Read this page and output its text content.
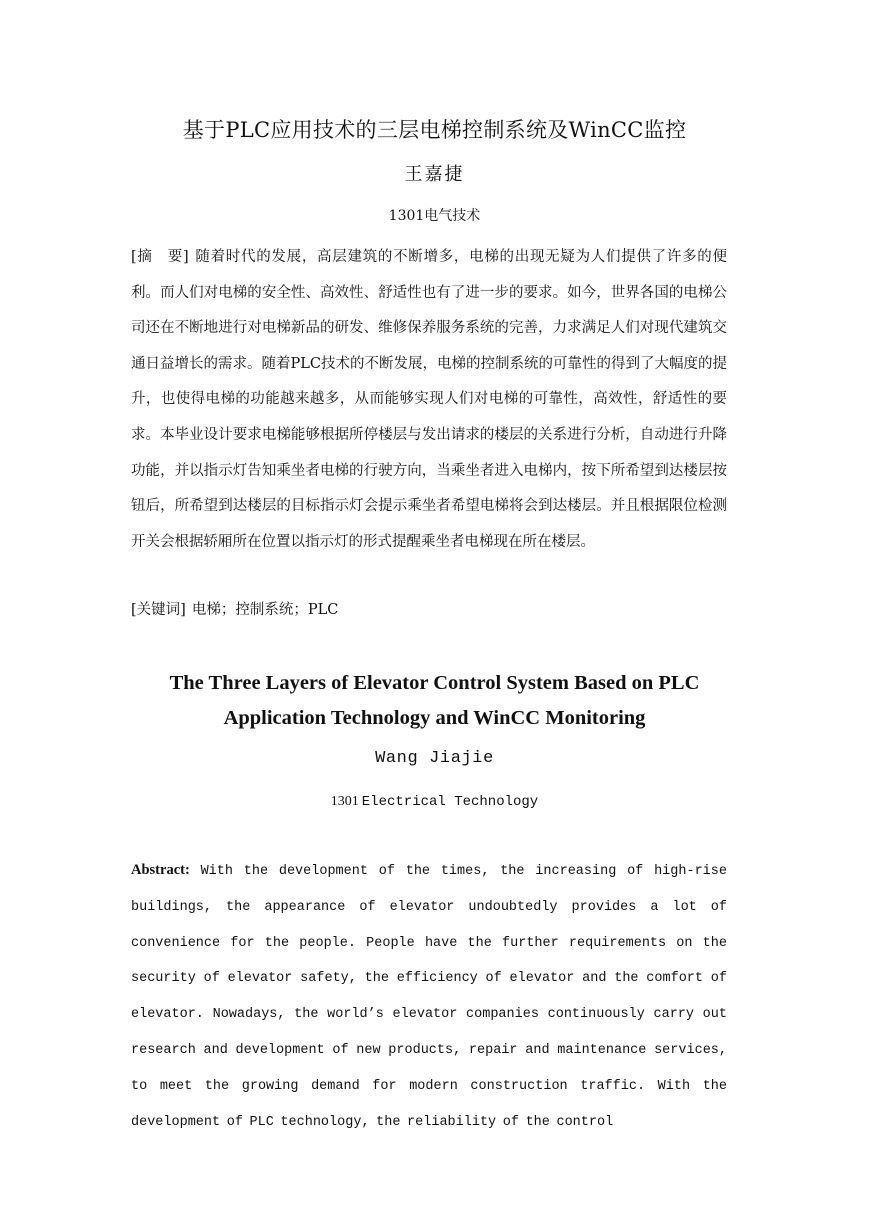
基于PLC应用技术的三层电梯控制系统及WinCC监控
王嘉捷
1301电气技术

[摘　要] 随着时代的发展，高层建筑的不断增多，电梯的出现无疑为人们提供了许多的便利。而人们对电梯的安全性、高效性、舒适性也有了进一步的要求。如今，世界各国的电梯公司还在不断地进行对电梯新品的研发、维修保养服务系统的完善，力求满足人们对现代建筑交通日益增长的需求。随着PLC技术的不断发展，电梯的控制系统的可靠性的得到了大幅度的提升，也使得电梯的功能越来越多，从而能够实现人们对电梯的可靠性，高效性，舒适性的要求。本毕业设计要求电梯能够根据所停楼层与发出请求的楼层的关系进行分析，自动进行升降功能，并以指示灯告知乘坐者电梯的行驶方向，当乘坐者进入电梯内，按下所希望到达楼层按钮后，所希望到达楼层的目标指示灯会提示乘坐者希望电梯将会到达楼层。并且根据限位检测开关会根据轿厢所在位置以指示灯的形式提醒乘坐者电梯现在所在楼层。

[关键词] 电梯；控制系统；PLC

The Three Layers of Elevator Control System Based on PLC
Application Technology and WinCC Monitoring
Wang Jiajie
1301 Electrical Technology

Abstract: With the development of the times, the increasing of high-rise buildings, the appearance of elevator undoubtedly provides a lot of convenience for the people. People have the further requirements on the security of elevator safety, the efficiency of elevator and the comfort of elevator. Nowadays, the world’s elevator companies continuously carry out research and development of new products, repair and maintenance services, to meet the growing demand for modern construction traffic. With the development of PLC technology, the reliability of the control
